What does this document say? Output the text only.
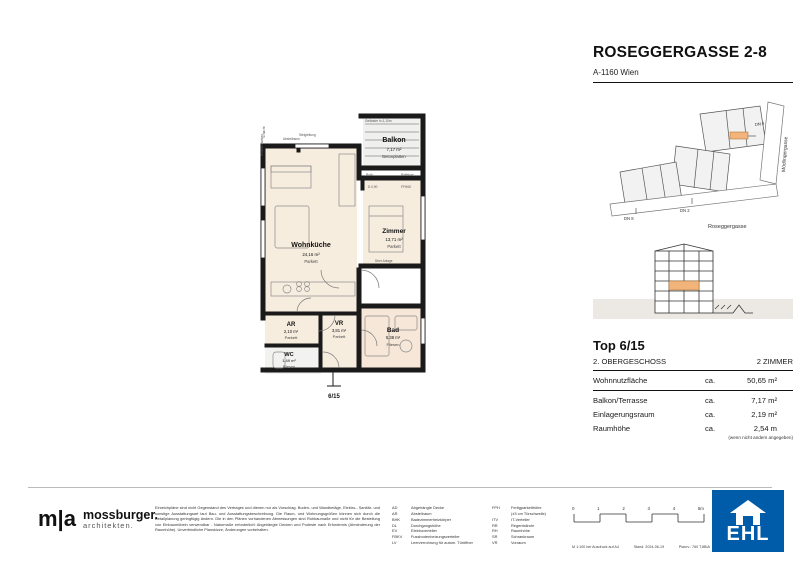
ROSEGGERGASSE 2-8
A-1160 Wien
DN 8
DN 2
DN 4
Roseggergasse
Mödlingergasse
Top 6/15
2. OBERGESCHOSS	2 ZIMMER
Wohnnutzfläche	ca.	50,65 m²
Balkon/Terrasse	ca.	7,17 m²
Einlagerungsraum	ca.	2,19 m²
Raumhöhe	ca.	2,54 m
(wenn nicht anders angegeben)
Balkon
7,17 m²
Betonplatten
Wohnküche
24,16 m²
Parkett
Zimmer
13,71 m²
Parkett
AR
2,10 m²
Parkett
VR
3,81 m²
Parkett
Bad
5,38 m²
Fliesen
WC
1,49 m²
Fliesen
6/15
Geländer h=1,10m
Schacht
Abstellraum
Steigleitung
Rollo	Raffstore
D 0,90	FFH65
Über Anlage
Rolladenkasten
m|a mossburger.
architekten.
Einreichpläne sind nicht Gegenstand des Vertrages und dienen nur als Vorschlag. Boden- und Wandbeläge, Elektro-, Sanitär- und sonstige Ausstattungsart laut Bau- und Ausstattungsbeschreibung. Die Raum- und Wohnungsgrößen können sich durch die Detailplanung geringfügig ändern. Die in den Plänen vorhandenen Abmessungen sind Rohbaumaße und nicht für die Bestellung von Einbaumöbeln verwendbar - Naturmaße erforderlich! Abgehängte Decken und Podeste nach Erfordernis (Abminderung der Raumhöhe). Unverbindliche Planskizze, Änderungen vorbehalten.
AD	Abgehängte Decke
AR	Abstellraum
BHK	Badezimmerheizkörper
DL	Durchgangshöhe
EV	Elektroverteiler
FBKV	Fussbodenheizungsverteiler
LV	Leerverrohrung für autom. Türöffner
FPH	Fertigparketthöhe
(±3 cm Türschwelle)
ITV	IT-Verteiler
RR	Regenfallrohr
RH	Raumhöhe
SR	Schrankraum
VR	Vorraum
0	1	2	3	4	5m
M 1:100 bei Ausdruck auf A4	Stand: 2024-06-19	Planrv.: 760 T,8BIA
EHL
